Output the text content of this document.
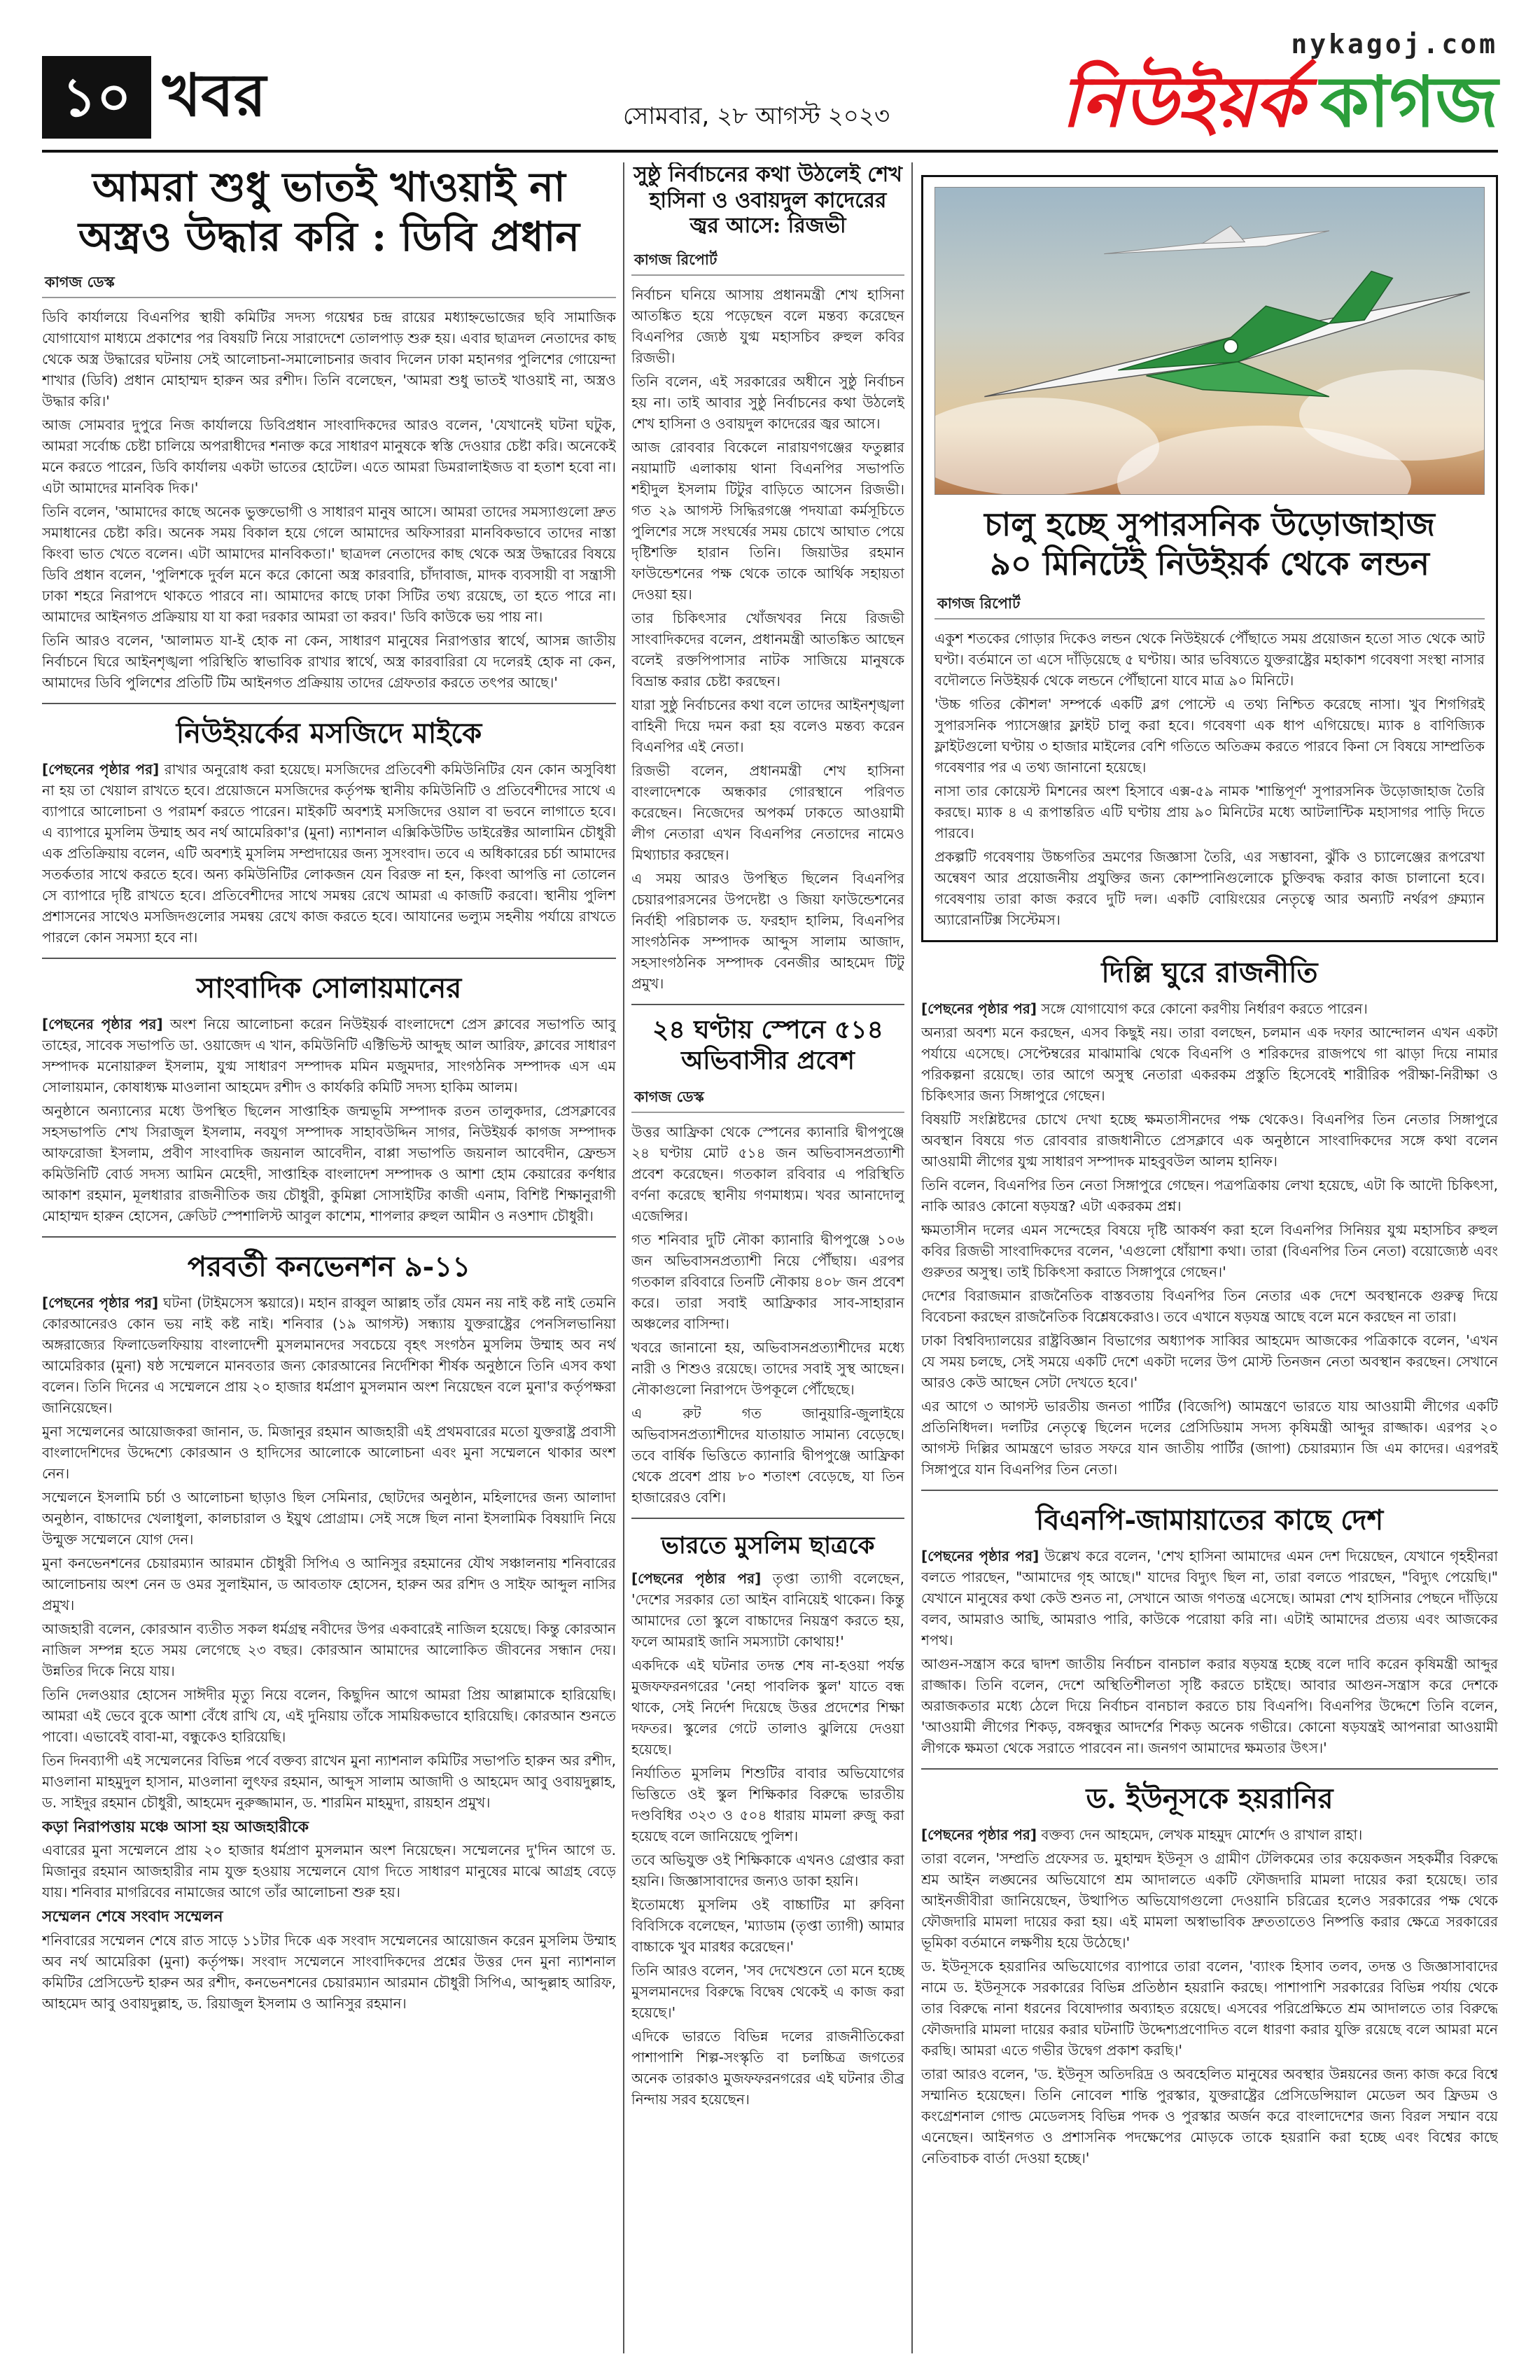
১০ খবর	সোমবার, ২৮ আগস্ট ২০২৩
nykagoj.com
নিউইয়র্ক কাগজ
আমরা শুধু ভাতই খাওয়াই না
অস্ত্রও উদ্ধার করি : ডিবি প্রধান
কাগজ ডেস্ক

ডিবি কার্যালয়ে বিএনপির স্থায়ী কমিটির সদস্য গয়েশ্বর চন্দ্র রায়ের মধ্যাহ্নভোজের ছবি সামাজিক যোগাযোগ মাধ্যমে প্রকাশের পর বিষয়টি নিয়ে সারাদেশে তোলপাড় শুরু হয়। এবার ছাত্রদল নেতাদের কাছ থেকে অস্ত্র উদ্ধারের ঘটনায় সেই আলোচনা-সমালোচনার জবাব দিলেন ঢাকা মহানগর পুলিশের গোয়েন্দা শাখার (ডিবি) প্রধান মোহাম্মদ হারুন অর রশীদ। তিনি বলেছেন, 'আমরা শুধু ভাতই খাওয়াই না, অস্ত্রও উদ্ধার করি।'

আজ সোমবার দুপুরে নিজ কার্যালয়ে ডিবিপ্রধান সাংবাদিকদের আরও বলেন, 'যেখানেই ঘটনা ঘটুক, আমরা সর্বোচ্চ চেষ্টা চালিয়ে অপরাধীদের শনাক্ত করে সাধারণ মানুষকে স্বস্তি দেওয়ার চেষ্টা করি। অনেকেই মনে করতে পারেন, ডিবি কার্যালয় একটা ভাতের হোটেল। এতে আমরা ডিমরালাইজড বা হতাশ হবো না। এটা আমাদের মানবিক দিক।'

তিনি বলেন, 'আমাদের কাছে অনেক ভুক্তভোগী ও সাধারণ মানুষ আসে। আমরা তাদের সমস্যাগুলো দ্রুত সমাধানের চেষ্টা করি। অনেক সময় বিকাল হয়ে গেলে আমাদের অফিসাররা মানবিকভাবে তাদের নাস্তা কিংবা ভাত খেতে বলেন। এটা আমাদের মানবিকতা।' ছাত্রদল নেতাদের কাছ থেকে অস্ত্র উদ্ধারের বিষয়ে ডিবি প্রধান বলেন, 'পুলিশকে দুর্বল মনে করে কোনো অস্ত্র কারবারি, চাঁদাবাজ, মাদক ব্যবসায়ী বা সন্ত্রাসী ঢাকা শহরে নিরাপদে থাকতে পারবে না। আমাদের কাছে ঢাকা সিটির তথ্য রয়েছে, তা হতে পারে না। আমাদের আইনগত প্রক্রিয়ায় যা যা করা দরকার আমরা তা করব।' ডিবি কাউকে ভয় পায় না।

তিনি আরও বলেন, 'আলামত যা-ই হোক না কেন, সাধারণ মানুষের নিরাপত্তার স্বার্থে, আসন্ন জাতীয় নির্বাচনে ঘিরে আইনশৃঙ্খলা পরিস্থিতি স্বাভাবিক রাখার স্বার্থে, অস্ত্র কারবারিরা যে দলেরই হোক না কেন, আমাদের ডিবি পুলিশের প্রতিটি টিম আইনগত প্রক্রিয়ায় তাদের গ্রেফতার করতে তৎপর আছে।'

নিউইয়র্কের মসজিদে মাইকে

[পেছনের পৃষ্ঠার পর] রাখার অনুরোধ করা হয়েছে। মসজিদের প্রতিবেশী কমিউনিটির যেন কোন অসুবিধা না হয় তা খেয়াল রাখতে হবে। প্রয়োজনে মসজিদের কর্তৃপক্ষ স্থানীয় কমিউনিটি ও প্রতিবেশীদের সাথে এ ব্যাপারে আলোচনা ও পরামর্শ করতে পারেন। মাইকটি অবশ্যই মসজিদের ওয়াল বা ভবনে লাগাতে হবে। এ ব্যাপারে মুসলিম উম্মাহ অব নর্থ আমেরিকা'র (মুনা) ন্যাশনাল এক্সিকিউটিভ ডাইরেক্টর আলামিন চৌধুরী এক প্রতিক্রিয়ায় বলেন, এটি অবশ্যই মুসলিম সম্প্রদায়ের জন্য সুসংবাদ। তবে এ অধিকারের চর্চা আমাদের সতর্কতার সাথে করতে হবে। অন্য কমিউনিটির লোকজন যেন বিরক্ত না হন, কিংবা আপত্তি না তোলেন সে ব্যাপারে দৃষ্টি রাখতে হবে। প্রতিবেশীদের সাথে সমন্বয় রেখে আমরা এ কাজটি করবো। স্থানীয় পুলিশ প্রশাসনের সাথেও মসজিদগুলোর সমন্বয় রেখে কাজ করতে হবে। আযানের ভল্যুম সহনীয় পর্যায়ে রাখতে পারলে কোন সমস্যা হবে না।

সাংবাদিক সোলায়মানের

[পেছনের পৃষ্ঠার পর] অংশ নিয়ে আলোচনা করেন নিউইয়র্ক বাংলাদেশে প্রেস ক্লাবের সভাপতি আবু তাহের, সাবেক সভাপতি ডা. ওয়াজেদ এ খান, কমিউনিটি এক্টিভিস্ট আব্দুছ আল আরিফ, ক্লাবের সাধারণ সম্পাদক মনোয়ারুল ইসলাম, যুগ্ম সাধারণ সম্পাদক মমিন মজুমদার, সাংগঠনিক সম্পাদক এস এম সোলায়মান, কোষাধ্যক্ষ মাওলানা আহমেদ রশীদ ও কার্যকরি কমিটি সদস্য হাকিম আলম।

অনুষ্ঠানে অন্যান্যের মধ্যে উপস্থিত ছিলেন সাপ্তাহিক জন্মভূমি সম্পাদক রতন তালুকদার, প্রেসক্লাবের সহসভাপতি শেখ সিরাজুল ইসলাম, নবযুগ সম্পাদক সাহাবউদ্দিন সাগর, নিউইয়র্ক কাগজ সম্পাদক আফরোজা ইসলাম, প্রবীণ সাংবাদিক জয়নাল আবেদীন, বাপ্পা সভাপতি জয়নাল আবেদীন, ফ্রেন্ডস কমিউনিটি বোর্ড সদস্য আমিন মেহেদী, সাপ্তাহিক বাংলাদেশ সম্পাদক ও আশা হোম কেয়ারের কর্ণধার আকাশ রহমান, মূলধারার রাজনীতিক জয় চৌধুরী, কুমিল্লা সোসাইটির কাজী এনাম, বিশিষ্ট শিক্ষানুরাগী মোহাম্মদ হারুন হোসেন, ক্রেডিট স্পেশালিস্ট আবুল কাশেম, শাপলার রুহুল আমীন ও নওশাদ চৌধুরী।

পরবর্তী কনভেনশন ৯-১১

[পেছনের পৃষ্ঠার পর] ঘটনা (টাইমসেস স্কয়ারে)। মহান রাব্বুল আল্লাহ তাঁর যেমন নয় নাই কষ্ট নাই তেমনি কোরআনেরও কোন ভয় নাই কষ্ট নাই। শনিবার (১৯ আগস্ট) সন্ধ্যায় যুক্তরাষ্ট্রের পেনসিলভানিয়া অঙ্গরাজ্যের ফিলাডেলফিয়ায় বাংলাদেশী মুসলমানদের সবচেয়ে বৃহৎ সংগঠন মুসলিম উম্মাহ অব নর্থ আমেরিকার (মুনা) ষষ্ঠ সম্মেলনে মানবতার জন্য কোরআনের নির্দেশিকা শীর্ষক অনুষ্ঠানে তিনি এসব কথা বলেন। তিনি দিনের এ সম্মেলনে প্রায় ২০ হাজার ধর্মপ্রাণ মুসলমান অংশ নিয়েছেন বলে মুনা'র কর্তৃপক্ষরা জানিয়েছেন।

মুনা সম্মেলনের আয়োজকরা জানান, ড. মিজানুর রহমান আজহারী এই প্রথমবারের মতো যুক্তরাষ্ট্র প্রবাসী বাংলাদেশিদের উদ্দেশ্যে কোরআন ও হাদিসের আলোকে আলোচনা এবং মুনা সম্মেলনে থাকার অংশ নেন।

সম্মেলনে ইসলামি চর্চা ও আলোচনা ছাড়াও ছিল সেমিনার, ছোটদের অনুষ্ঠান, মহিলাদের জন্য আলাদা অনুষ্ঠান, বাচ্চাদের খেলাধুলা, কালচারাল ও ইয়ুথ প্রোগ্রাম। সেই সঙ্গে ছিল নানা ইসলামিক বিষয়াদি নিয়ে উন্মুক্ত সম্মেলনে যোগ দেন।

মুনা কনভেনশনের চেয়ারম্যান আরমান চৌধুরী সিপিএ ও আনিসুর রহমানের যৌথ সঞ্চালনায় শনিবারের আলোচনায় অংশ নেন ড ওমর সুলাইমান, ড আবতাফ হোসেন, হারুন অর রশিদ ও সাইফ আব্দুল নাসির প্রমুখ।

আজহারী বলেন, কোরআন ব্যতীত সকল ধর্মগ্রন্থ নবীদের উপর একবারেই নাজিল হয়েছে। কিন্তু কোরআন নাজিল সম্পন্ন হতে সময় লেগেছে ২৩ বছর। কোরআন আমাদের আলোকিত জীবনের সন্ধান দেয়। উন্নতির দিকে নিয়ে যায়।

তিনি দেলওয়ার হোসেন সাঈদীর মৃত্যু নিয়ে বলেন, কিছুদিন আগে আমরা প্রিয় আল্লামাকে হারিয়েছি। আমরা এই ভেবে বুকে আশা বেঁধে রাখি যে, এই দুনিয়ায় তাঁকে সাময়িকভাবে হারিয়েছি। কোরআন শুনতে পাবো। এভাবেই বাবা-মা, বন্ধুকেও হারিয়েছি।

তিন দিনব্যাপী এই সম্মেলনের বিভিন্ন পর্বে বক্তব্য রাখেন মুনা ন্যাশনাল কমিটির সভাপতি হারুন অর রশীদ, মাওলানা মাহমুদুল হাসান, মাওলানা লুৎফর রহমান, আব্দুস সালাম আজাদী ও আহমেদ আবু ওবায়দুল্লাহ, ড. সাইদুর রহমান চৌধুরী, আহমেদ নুরুজ্জামান, ড. শারমিন মাহমুদা, রায়হান প্রমুখ।

কড়া নিরাপত্তায় মঞ্চে আসা হয় আজহারীকে

এবারের মুনা সম্মেলনে প্রায় ২০ হাজার ধর্মপ্রাণ মুসলমান অংশ নিয়েছেন। সম্মেলনের দু'দিন আগে ড. মিজানুর রহমান আজহারীর নাম যুক্ত হওয়ায় সম্মেলনে যোগ দিতে সাধারণ মানুষের মাঝে আগ্রহ বেড়ে যায়। শনিবার মাগরিবের নামাজের আগে তাঁর আলোচনা শুরু হয়।

সম্মেলন শেষে সংবাদ সম্মেলন

শনিবারের সম্মেলন শেষে রাত সাড়ে ১১টার দিকে এক সংবাদ সম্মেলনের আয়োজন করেন মুসলিম উম্মাহ অব নর্থ আমেরিকা (মুনা) কর্তৃপক্ষ। সংবাদ সম্মেলনে সাংবাদিকদের প্রশ্নের উত্তর দেন মুনা ন্যাশনাল কমিটির প্রেসিডেন্ট হারুন অর রশীদ, কনভেনশনের চেয়ারম্যান আরমান চৌধুরী সিপিএ, আব্দুল্লাহ আরিফ, আহমেদ আবু ওবায়দুল্লাহ, ড. রিয়াজুল ইসলাম ও আনিসুর রহমান।

সুষ্ঠু নির্বাচনের কথা উঠলেই শেখ হাসিনা ও ওবায়দুল কাদেরের জ্বর আসে: রিজভী
কাগজ রিপোর্ট

নির্বাচন ঘনিয়ে আসায় প্রধানমন্ত্রী শেখ হাসিনা আতঙ্কিত হয়ে পড়েছেন বলে মন্তব্য করেছেন বিএনপির জ্যেষ্ঠ যুগ্ম মহাসচিব রুহুল কবির রিজভী।

তিনি বলেন, এই সরকারের অধীনে সুষ্ঠু নির্বাচন হয় না। তাই আবার সুষ্ঠু নির্বাচনের কথা উঠলেই শেখ হাসিনা ও ওবায়দুল কাদেরের জ্বর আসে।

আজ রোববার বিকেলে নারায়ণগঞ্জের ফতুল্লার নয়ামাটি এলাকায় থানা বিএনপির সভাপতি শহীদুল ইসলাম টিটুর বাড়িতে আসেন রিজভী। গত ২৯ আগস্ট সিদ্ধিরগঞ্জে পদযাত্রা কর্মসূচিতে পুলিশের সঙ্গে সংঘর্ষের সময় চোখে আঘাত পেয়ে দৃষ্টিশক্তি হারান তিনি। জিয়াউর রহমান ফাউন্ডেশনের পক্ষ থেকে তাকে আর্থিক সহায়তা দেওয়া হয়।

তার চিকিৎসার খোঁজখবর নিয়ে রিজভী সাংবাদিকদের বলেন, প্রধানমন্ত্রী আতঙ্কিত আছেন বলেই রক্তপিপাসার নাটক সাজিয়ে মানুষকে বিভ্রান্ত করার চেষ্টা করছেন।

যারা সুষ্ঠু নির্বাচনের কথা বলে তাদের আইনশৃঙ্খলা বাহিনী দিয়ে দমন করা হয় বলেও মন্তব্য করেন বিএনপির এই নেতা।

রিজভী বলেন, প্রধানমন্ত্রী শেখ হাসিনা বাংলাদেশকে অন্ধকার গোরস্থানে পরিণত করেছেন। নিজেদের অপকর্ম ঢাকতে আওয়ামী লীগ নেতারা এখন বিএনপির নেতাদের নামেও মিথ্যাচার করছেন।

এ সময় আরও উপস্থিত ছিলেন বিএনপির চেয়ারপারসনের উপদেষ্টা ও জিয়া ফাউন্ডেশনের নির্বাহী পরিচালক ড. ফরহাদ হালিম, বিএনপির সাংগঠনিক সম্পাদক আব্দুস সালাম আজাদ, সহসাংগঠনিক সম্পাদক বেনজীর আহমেদ টিটু প্রমুখ।

২৪ ঘণ্টায় স্পেনে ৫১৪ অভিবাসীর প্রবেশ
কাগজ ডেস্ক

উত্তর আফ্রিকা থেকে স্পেনের ক্যানারি দ্বীপপুঞ্জে ২৪ ঘণ্টায় মোট ৫১৪ জন অভিবাসনপ্রত্যাশী প্রবেশ করেছেন। গতকাল রবিবার এ পরিস্থিতি বর্ণনা করেছে স্থানীয় গণমাধ্যম। খবর আনাদোলু এজেন্সির।

গত শনিবার দুটি নৌকা ক্যানারি দ্বীপপুঞ্জে ১০৬ জন অভিবাসনপ্রত্যাশী নিয়ে পৌঁছায়। এরপর গতকাল রবিবারে তিনটি নৌকায় ৪০৮ জন প্রবেশ করে। তারা সবাই আফ্রিকার সাব-সাহারান অঞ্চলের বাসিন্দা।

খবরে জানানো হয়, অভিবাসনপ্রত্যাশীদের মধ্যে নারী ও শিশুও রয়েছে। তাদের সবাই সুস্থ আছেন। নৌকাগুলো নিরাপদে উপকূলে পৌঁছেছে।

এ রুট গত জানুয়ারি-জুলাইয়ে অভিবাসনপ্রত্যাশীদের যাতায়াত সামান্য বেড়েছে। তবে বার্ষিক ভিত্তিতে ক্যানারি দ্বীপপুঞ্জে আফ্রিকা থেকে প্রবেশ প্রায় ৮০ শতাংশ বেড়েছে, যা তিন হাজারেরও বেশি।

ভারতে মুসলিম ছাত্রকে

[পেছনের পৃষ্ঠার পর] তৃপ্তা ত্যাগী বলেছেন, 'দেশের সরকার তো আইন বানিয়েই থাকেন। কিন্তু আমাদের তো স্কুলে বাচ্চাদের নিয়ন্ত্রণ করতে হয়, ফলে আমরাই জানি সমস্যাটা কোথায়!'

একদিকে এই ঘটনার তদন্ত শেষ না-হওয়া পর্যন্ত মুজফফরনগরের 'নেহা পাবলিক স্কুল' যাতে বন্ধ থাকে, সেই নির্দেশ দিয়েছে উত্তর প্রদেশের শিক্ষা দফতর। স্কুলের গেটে তালাও ঝুলিয়ে দেওয়া হয়েছে।

নির্যাতিত মুসলিম শিশুটির বাবার অভিযোগের ভিত্তিতে ওই স্কুল শিক্ষিকার বিরুদ্ধে ভারতীয় দণ্ডবিধির ৩২৩ ও ৫০৪ ধারায় মামলা রুজু করা হয়েছে বলে জানিয়েছে পুলিশ।

তবে অভিযুক্ত ওই শিক্ষিকাকে এখনও গ্রেপ্তার করা হয়নি। জিজ্ঞাসাবাদের জন্যও ডাকা হয়নি।

ইতোমধ্যে মুসলিম ওই বাচ্চাটির মা রুবিনা বিবিসিকে বলেছেন, 'ম্যাডাম (তৃপ্তা ত্যাগী) আমার বাচ্চাকে খুব মারধর করেছেন।'

তিনি আরও বলেন, 'সব দেখেশুনে তো মনে হচ্ছে মুসলমানদের বিরুদ্ধে বিদ্বেষ থেকেই এ কাজ করা হয়েছে।'

এদিকে ভারতে বিভিন্ন দলের রাজনীতিকেরা পাশাপাশি শিল্প-সংস্কৃতি বা চলচ্চিত্র জগতের অনেক তারকাও মুজফফরনগরের এই ঘটনার তীব্র নিন্দায় সরব হয়েছেন।

চালু হচ্ছে সুপারসনিক উড়োজাহাজ
৯০ মিনিটেই নিউইয়র্ক থেকে লন্ডন
কাগজ রিপোর্ট

একুশ শতকের গোড়ার দিকেও লন্ডন থেকে নিউইয়র্কে পৌঁছাতে সময় প্রয়োজন হতো সাত থেকে আট ঘণ্টা। বর্তমানে তা এসে দাঁড়িয়েছে ৫ ঘণ্টায়। আর ভবিষ্যতে যুক্তরাষ্ট্রের মহাকাশ গবেষণা সংস্থা নাসার বদৌলতে নিউইয়র্ক থেকে লন্ডনে পৌঁছানো যাবে মাত্র ৯০ মিনিটে।

'উচ্চ গতির কৌশল' সম্পর্কে একটি ব্লগ পোস্টে এ তথ্য নিশ্চিত করেছে নাসা। খুব শিগগিরই সুপারসনিক প্যাসেঞ্জার ফ্লাইট চালু করা হবে। গবেষণা এক ধাপ এগিয়েছে। ম্যাক ৪ বাণিজ্যিক ফ্লাইটগুলো ঘণ্টায় ৩ হাজার মাইলের বেশি গতিতে অতিক্রম করতে পারবে কিনা সে বিষয়ে সাম্প্রতিক গবেষণার পর এ তথ্য জানানো হয়েছে।

নাসা তার কোয়েস্ট মিশনের অংশ হিসাবে এক্স-৫৯ নামক 'শান্তিপূর্ণ' সুপারসনিক উড়োজাহাজ তৈরি করছে। ম্যাক ৪ এ রূপান্তরিত এটি ঘণ্টায় প্রায় ৯০ মিনিটের মধ্যে আটলান্টিক মহাসাগর পাড়ি দিতে পারবে।

প্রকল্পটি গবেষণায় উচ্চগতির ভ্রমণের জিজ্ঞাসা তৈরি, এর সম্ভাবনা, ঝুঁকি ও চ্যালেঞ্জের রূপরেখা অন্বেষণ আর প্রয়োজনীয় প্রযুক্তির জন্য কোম্পানিগুলোকে চুক্তিবদ্ধ করার কাজ চালানো হবে। গবেষণায় তারা কাজ করবে দুটি দল। একটি বোয়িংয়ের নেতৃত্বে আর অন্যটি নর্থরপ গ্রুম্যান অ্যারোনটিক্স সিস্টেমস।

দিল্লি ঘুরে রাজনীতি

[পেছনের পৃষ্ঠার পর] সঙ্গে যোগাযোগ করে কোনো করণীয় নির্ধারণ করতে পারেন।

অন্যরা অবশ্য মনে করছেন, এসব কিছুই নয়। তারা বলছেন, চলমান এক দফার আন্দোলন এখন একটা পর্যায়ে এসেছে। সেপ্টেম্বরের মাঝামাঝি থেকে বিএনপি ও শরিকদের রাজপথে গা ঝাড়া দিয়ে নামার পরিকল্পনা রয়েছে। তার আগে অসুস্থ নেতারা একরকম প্রস্তুতি হিসেবেই শারীরিক পরীক্ষা-নিরীক্ষা ও চিকিৎসার জন্য সিঙ্গাপুরে গেছেন।

বিষয়টি সংশ্লিষ্টদের চোখে দেখা হচ্ছে ক্ষমতাসীনদের পক্ষ থেকেও। বিএনপির তিন নেতার সিঙ্গাপুরে অবস্থান বিষয়ে গত রোববার রাজধানীতে প্রেসক্লাবে এক অনুষ্ঠানে সাংবাদিকদের সঙ্গে কথা বলেন আওয়ামী লীগের যুগ্ম সাধারণ সম্পাদক মাহবুবউল আলম হানিফ।

তিনি বলেন, বিএনপির তিন নেতা সিঙ্গাপুরে গেছেন। পত্রপত্রিকায় লেখা হয়েছে, এটা কি আদৌ চিকিৎসা, নাকি আরও কোনো ষড়যন্ত্র? এটা একরকম প্রশ্ন।

ক্ষমতাসীন দলের এমন সন্দেহের বিষয়ে দৃষ্টি আকর্ষণ করা হলে বিএনপির সিনিয়র যুগ্ম মহাসচিব রুহুল কবির রিজভী সাংবাদিকদের বলেন, 'এগুলো ধোঁয়াশা কথা। তারা (বিএনপির তিন নেতা) বয়োজ্যেষ্ঠ এবং গুরুতর অসুস্থ। তাই চিকিৎসা করাতে সিঙ্গাপুরে গেছেন।'

দেশের বিরাজমান রাজনৈতিক বাস্তবতায় বিএনপির তিন নেতার এক দেশে অবস্থানকে গুরুত্ব দিয়ে বিবেচনা করছেন রাজনৈতিক বিশ্লেষকেরাও। তবে এখানে ষড়যন্ত্র আছে বলে মনে করছেন না তারা।

ঢাকা বিশ্ববিদ্যালয়ের রাষ্ট্রবিজ্ঞান বিভাগের অধ্যাপক সাব্বির আহমেদ আজকের পত্রিকাকে বলেন, 'এখন যে সময় চলছে, সেই সময়ে একটি দেশে একটা দলের উপ মোস্ট তিনজন নেতা অবস্থান করছেন। সেখানে আরও কেউ আছেন সেটা দেখতে হবে।'

এর আগে ৩ আগস্ট ভারতীয় জনতা পার্টির (বিজেপি) আমন্ত্রণে ভারতে যায় আওয়ামী লীগের একটি প্রতিনিধিদল। দলটির নেতৃত্বে ছিলেন দলের প্রেসিডিয়াম সদস্য কৃষিমন্ত্রী আব্দুর রাজ্জাক। এরপর ২০ আগস্ট দিল্লির আমন্ত্রণে ভারত সফরে যান জাতীয় পার্টির (জাপা) চেয়ারম্যান জি এম কাদের। এরপরই সিঙ্গাপুরে যান বিএনপির তিন নেতা।

বিএনপি-জামায়াতের কাছে দেশ

[পেছনের পৃষ্ঠার পর] উল্লেখ করে বলেন, 'শেখ হাসিনা আমাদের এমন দেশ দিয়েছেন, যেখানে গৃহহীনরা বলতে পারছেন, "আমাদের গৃহ আছে।" যাদের বিদ্যুৎ ছিল না, তারা বলতে পারছেন, "বিদ্যুৎ পেয়েছি।" যেখানে মানুষের কথা কেউ শুনত না, সেখানে আজ গণতন্ত্র এসেছে। আমরা শেখ হাসিনার পেছনে দাঁড়িয়ে বলব, আমরাও আছি, আমরাও পারি, কাউকে পরোয়া করি না। এটাই আমাদের প্রত্যয় এবং আজকের শপথ।

আগুন-সন্ত্রাস করে দ্বাদশ জাতীয় নির্বাচন বানচাল করার ষড়যন্ত্র হচ্ছে বলে দাবি করেন কৃষিমন্ত্রী আব্দুর রাজ্জাক। তিনি বলেন, দেশে অস্থিতিশীলতা সৃষ্টি করতে চাইছে। আবার আগুন-সন্ত্রাস করে দেশকে অরাজকতার মধ্যে ঠেলে দিয়ে নির্বাচন বানচাল করতে চায় বিএনপি। বিএনপির উদ্দেশে তিনি বলেন, 'আওয়ামী লীগের শিকড়, বঙ্গবন্ধুর আদর্শের শিকড় অনেক গভীরে। কোনো ষড়যন্ত্রই আপনারা আওয়ামী লীগকে ক্ষমতা থেকে সরাতে পারবেন না। জনগণ আমাদের ক্ষমতার উৎস।'

ড. ইউনূসকে হয়রানির

[পেছনের পৃষ্ঠার পর] বক্তব্য দেন আহমেদ, লেখক মাহমুদ মোর্শেদ ও রাখাল রাহা।

তারা বলেন, 'সম্প্রতি প্রফেসর ড. মুহাম্মদ ইউনূস ও গ্রামীণ টেলিকমের তার কয়েকজন সহকর্মীর বিরুদ্ধে শ্রম আইন লঙ্ঘনের অভিযোগে শ্রম আদালতে একটি ফৌজদারি মামলা দায়ের করা হয়েছে। তার আইনজীবীরা জানিয়েছেন, উত্থাপিত অভিযোগগুলো দেওয়ানি চরিত্রের হলেও সরকারের পক্ষ থেকে ফৌজদারি মামলা দায়ের করা হয়। এই মামলা অস্বাভাবিক দ্রুততাতেও নিষ্পত্তি করার ক্ষেত্রে সরকারের ভূমিকা বর্তমানে লক্ষণীয় হয়ে উঠেছে।'

ড. ইউনূসকে হয়রানির অভিযোগের ব্যাপারে তারা বলেন, 'ব্যাংক হিসাব তলব, তদন্ত ও জিজ্ঞাসাবাদের নামে ড. ইউনূসকে সরকারের বিভিন্ন প্রতিষ্ঠান হয়রানি করছে। পাশাপাশি সরকারের বিভিন্ন পর্যায় থেকে তার বিরুদ্ধে নানা ধরনের বিষোদ্গার অব্যাহত রয়েছে। এসবের পরিপ্রেক্ষিতে শ্রম আদালতে তার বিরুদ্ধে ফৌজদারি মামলা দায়ের করার ঘটনাটি উদ্দেশ্যপ্রণোদিত বলে ধারণা করার যুক্তি রয়েছে বলে আমরা মনে করছি। আমরা এতে গভীর উদ্বেগ প্রকাশ করছি।'

তারা আরও বলেন, 'ড. ইউনূস অতিদরিদ্র ও অবহেলিত মানুষের অবস্থার উন্নয়নের জন্য কাজ করে বিশ্বে সম্মানিত হয়েছেন। তিনি নোবেল শান্তি পুরস্কার, যুক্তরাষ্ট্রের প্রেসিডেন্সিয়াল মেডেল অব ফ্রিডম ও কংগ্রেশনাল গোল্ড মেডেলসহ বিভিন্ন পদক ও পুরস্কার অর্জন করে বাংলাদেশের জন্য বিরল সম্মান বয়ে এনেছেন। আইনগত ও প্রশাসনিক পদক্ষেপের মোড়কে তাকে হয়রানি করা হচ্ছে এবং বিশ্বের কাছে নেতিবাচক বার্তা দেওয়া হচ্ছে।'
